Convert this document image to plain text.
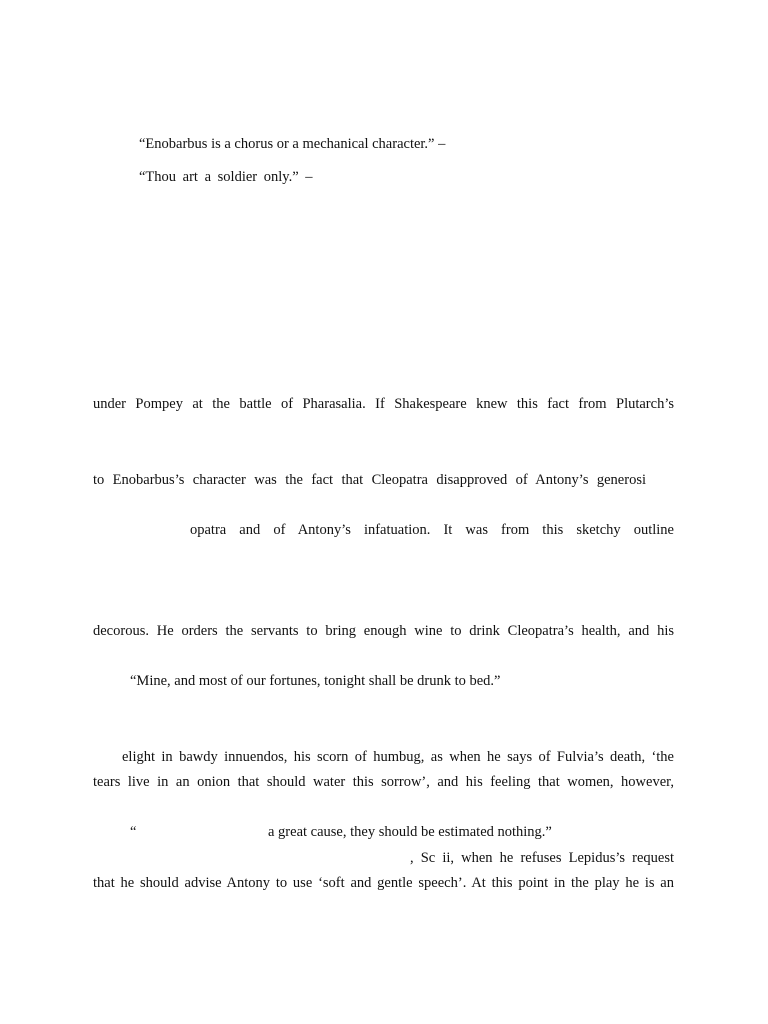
“Enobarbus is a chorus or a mechanical character.” –
“Thou art a soldier only.” –
under Pompey at the battle of Pharasalia. If Shakespeare knew this fact from Plutarch’s
to Enobarbus’s character was the fact that Cleopatra disapproved of Antony’s generosi
opatra and of Antony’s infatuation. It was from this sketchy outline
decorous. He orders the servants to bring enough wine to drink Cleopatra’s health, and his
“Mine, and most of our fortunes, tonight shall be drunk to bed.”
elight in bawdy innuendos, his scorn of humbug, as when he says of Fulvia’s death, ‘the
tears live in an onion that should water this sorrow’, and his feeling that women, however,
“	a great cause, they should be estimated nothing.”
, Sc ii, when he refuses Lepidus’s request
that he should advise Antony to use ‘soft and gentle speech’. At this point in the play he is an
